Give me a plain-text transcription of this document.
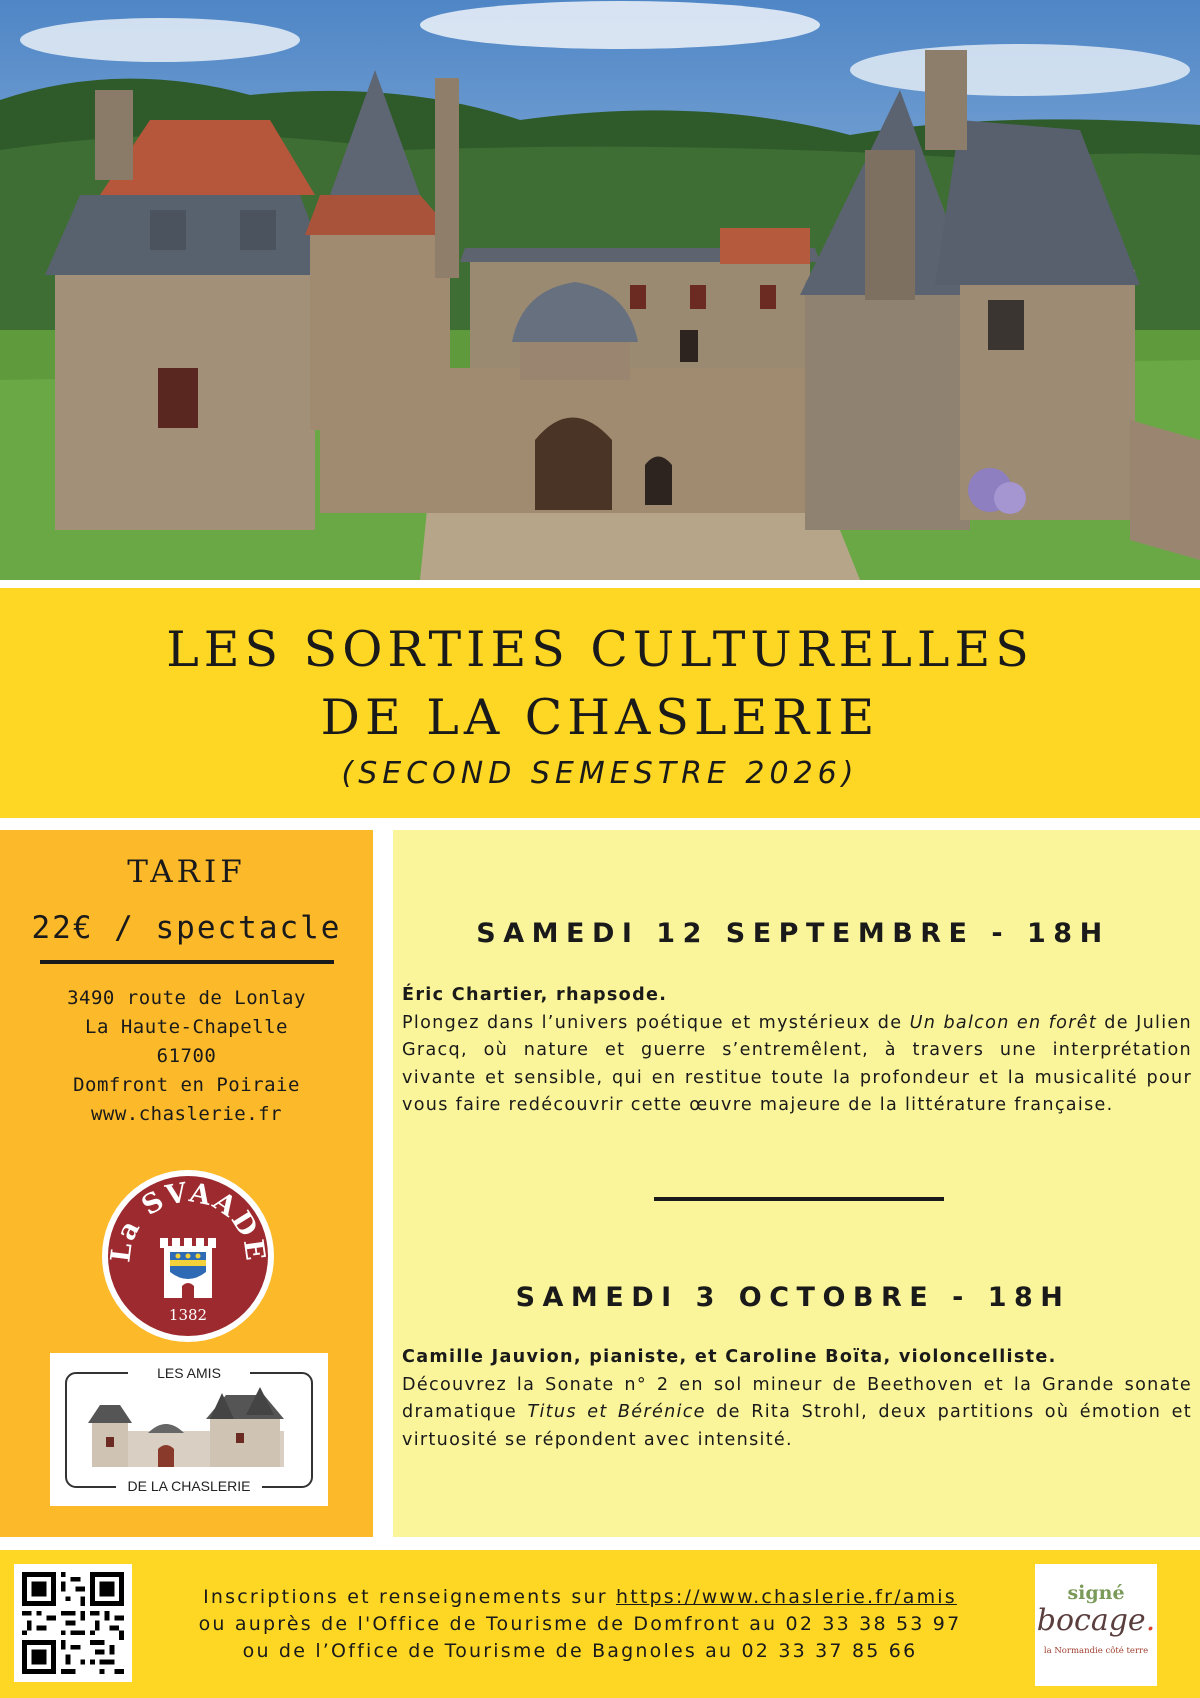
LES SORTIES CULTURELLES
DE LA CHASLERIE
(SECOND SEMESTRE 2026)
TARIF
22€ / spectacle
3490 route de Lonlay
La Haute-Chapelle
61700
Domfront en Poiraie
www.chaslerie.fr
La SVAADE
1382
LES AMIS
DE LA CHASLERIE
SAMEDI 12 SEPTEMBRE - 18H
Éric Chartier, rhapsode.
Plongez dans l’univers poétique et mystérieux de Un balcon en forêt de Julien Gracq, où nature et guerre s’entremêlent, à travers une interprétation vivante et sensible, qui en restitue toute la profondeur et la musicalité pour vous faire redécouvrir cette œuvre majeure de la littérature française.
SAMEDI 3 OCTOBRE - 18H
Camille Jauvion, pianiste, et Caroline Boïta, violoncelliste.
Découvrez la Sonate n° 2 en sol mineur de Beethoven et la Grande sonate dramatique Titus et Bérénice de Rita Strohl, deux partitions où émotion et virtuosité se répondent avec intensité.
Inscriptions et renseignements sur https://www.chaslerie.fr/amis
ou auprès de l'Office de Tourisme de Domfront au 02 33 38 53 97
ou de l’Office de Tourisme de Bagnoles au 02 33 37 85 66
signé
bocage.
la Normandie côté terre
